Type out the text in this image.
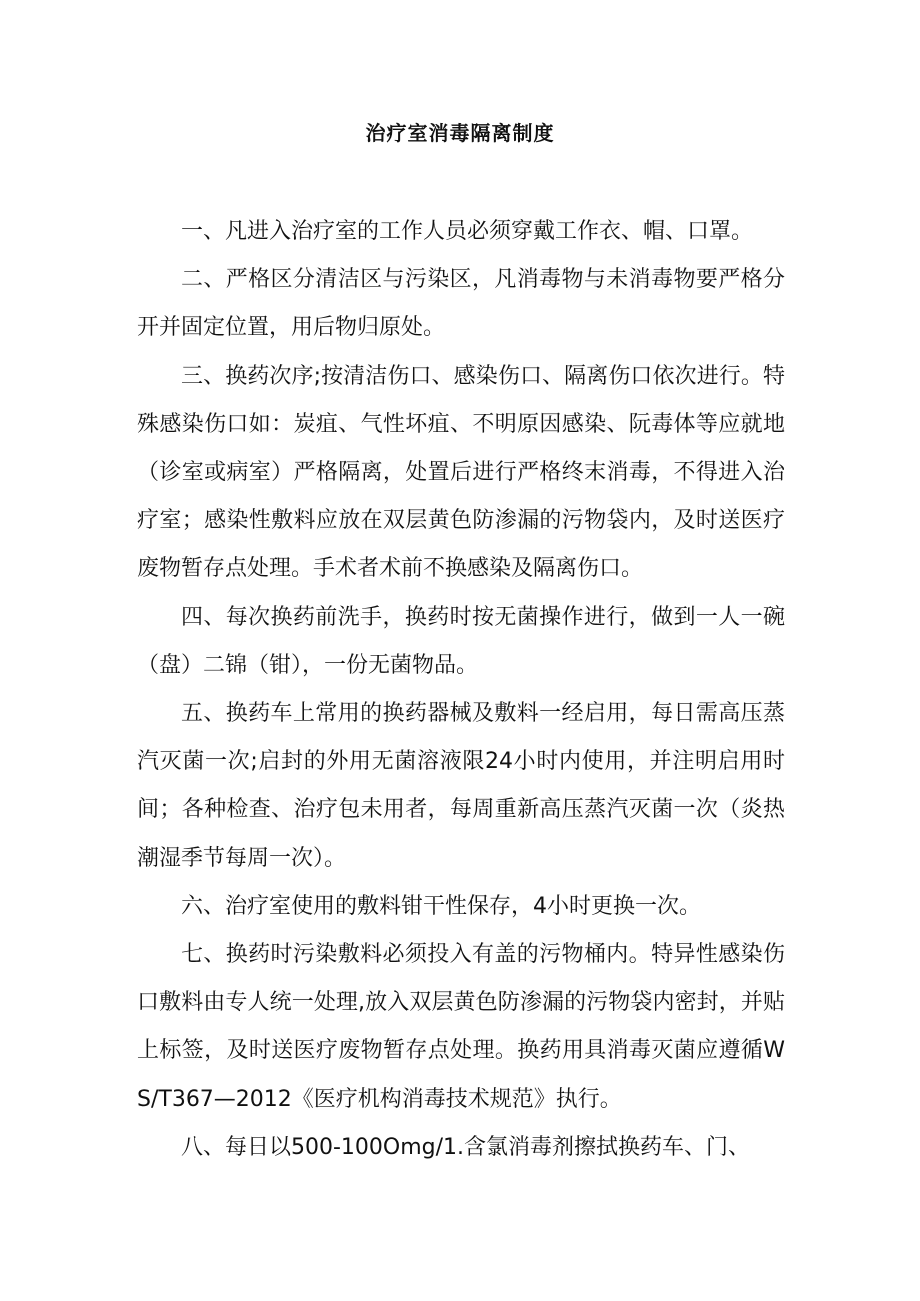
治疗室消毒隔离制度

一、凡进入治疗室的工作人员必须穿戴工作衣、帽、口罩。

二、严格区分清洁区与污染区，凡消毒物与未消毒物要严格分开并固定位置，用后物归原处。

三、换药次序;按清洁伤口、感染伤口、隔离伤口依次进行。特殊感染伤口如：炭疽、气性坏疽、不明原因感染、阮毒体等应就地（诊室或病室）严格隔离，处置后进行严格终末消毒，不得进入治疗室；感染性敷料应放在双层黄色防渗漏的污物袋内，及时送医疗废物暂存点处理。手术者术前不换感染及隔离伤口。

四、每次换药前洗手，换药时按无菌操作进行，做到一人一碗（盘）二锦（钳），一份无菌物品。

五、换药车上常用的换药器械及敷料一经启用，每日需高压蒸汽灭菌一次;启封的外用无菌溶液限24小时内使用，并注明启用时间；各种检查、治疗包未用者，每周重新高压蒸汽灭菌一次（炎热潮湿季节每周一次）。

六、治疗室使用的敷料钳干性保存，4小时更换一次。

七、换药时污染敷料必须投入有盖的污物桶内。特异性感染伤口敷料由专人统一处理,放入双层黄色防渗漏的污物袋内密封，并贴上标签，及时送医疗废物暂存点处理。换药用具消毒灭菌应遵循WS/T367—2012《医疗机构消毒技术规范》执行。

八、每日以500-100Omg/1.含氯消毒剂擦拭换药车、门、
